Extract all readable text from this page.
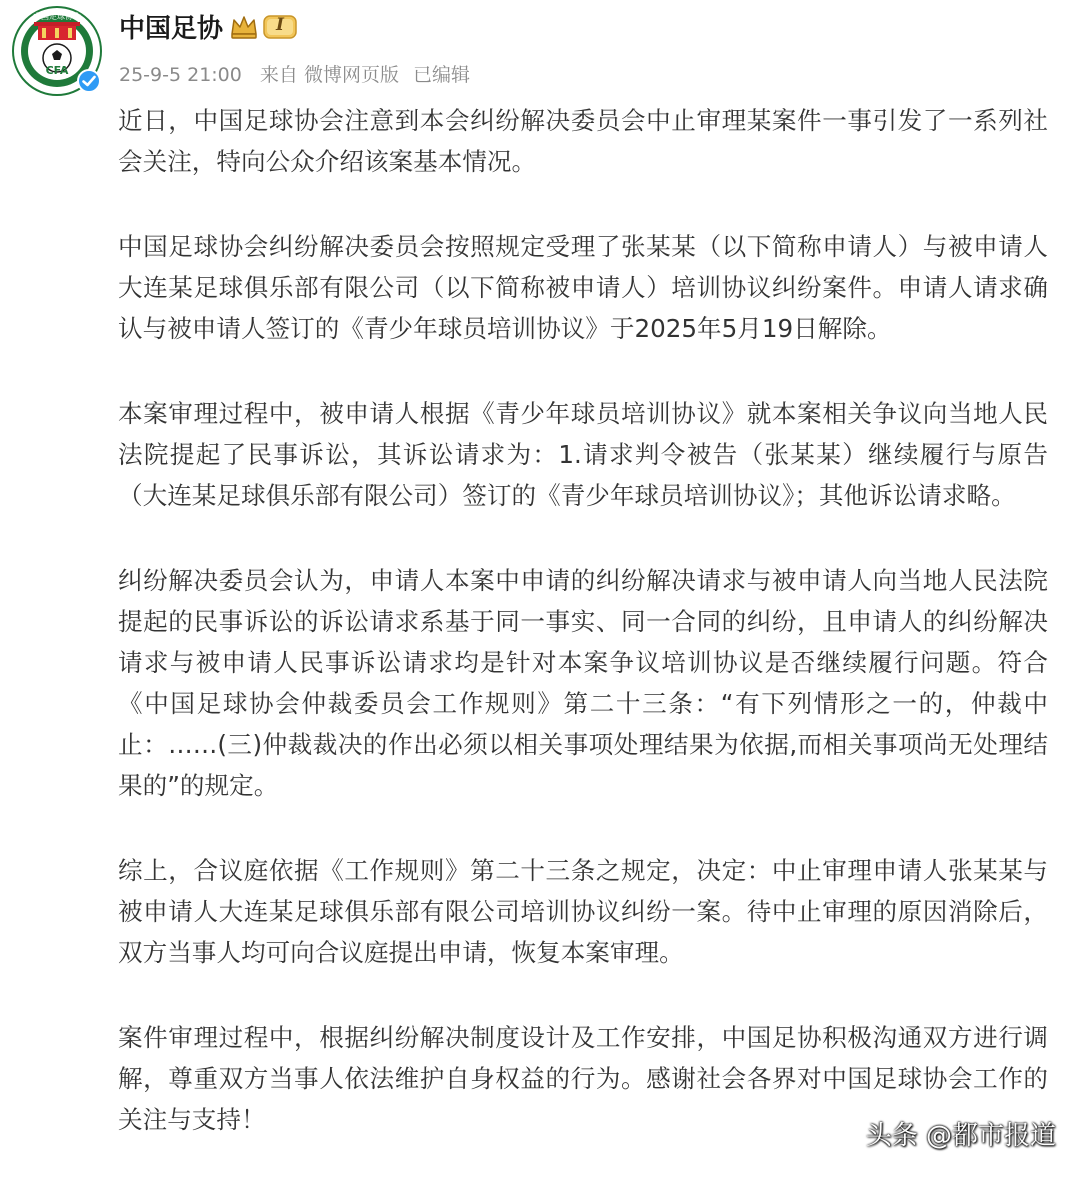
中国足球协会
CFA
中国足协	I
25-9-5 21:00 来自 微博网页版 已编辑

近日，中国足球协会注意到本会纠纷解决委员会中止审理某案件一事引发了一系列社会关注，特向公众介绍该案基本情况。

中国足球协会纠纷解决委员会按照规定受理了张某某（以下简称申请人）与被申请人大连某足球俱乐部有限公司（以下简称被申请人）培训协议纠纷案件。申请人请求确认与被申请人签订的《青少年球员培训协议》于2025年5月19日解除。

本案审理过程中，被申请人根据《青少年球员培训协议》就本案相关争议向当地人民法院提起了民事诉讼，其诉讼请求为：1.请求判令被告（张某某）继续履行与原告（大连某足球俱乐部有限公司）签订的《青少年球员培训协议》；其他诉讼请求略。

纠纷解决委员会认为，申请人本案中申请的纠纷解决请求与被申请人向当地人民法院提起的民事诉讼的诉讼请求系基于同一事实、同一合同的纠纷，且申请人的纠纷解决请求与被申请人民事诉讼请求均是针对本案争议培训协议是否继续履行问题。符合《中国足球协会仲裁委员会工作规则》第二十三条：“有下列情形之一的，仲裁中止：……(三)仲裁裁决的作出必须以相关事项处理结果为依据,而相关事项尚无处理结果的”的规定。

综上，合议庭依据《工作规则》第二十三条之规定，决定：中止审理申请人张某某与被申请人大连某足球俱乐部有限公司培训协议纠纷一案。待中止审理的原因消除后，双方当事人均可向合议庭提出申请，恢复本案审理。

案件审理过程中，根据纠纷解决制度设计及工作安排，中国足协积极沟通双方进行调解，尊重双方当事人依法维护自身权益的行为。感谢社会各界对中国足球协会工作的关注与支持！

头条 @都市报道
